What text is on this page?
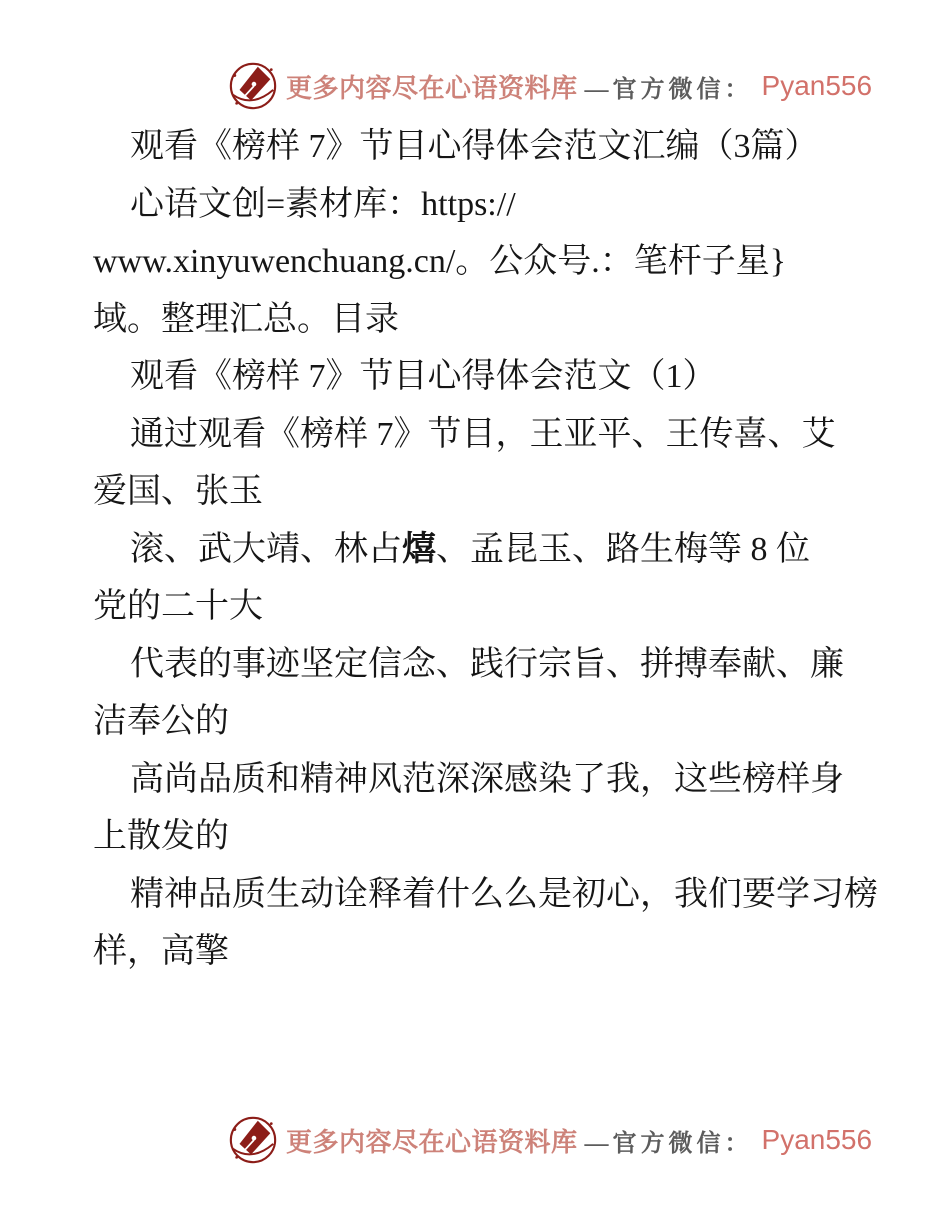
更多内容尽在心语资料库 —官方微信： Pyan556
观看《榜样 7》节目心得体会范文汇编（3篇）
心语文创=素材库：https://
www.xinyuwenchuang.cn/。公众号.：笔杆子星}
域。整理汇总。目录
观看《榜样 7》节目心得体会范文（1）
通过观看《榜样 7》节目，王亚平、王传喜、艾
爱国、张玉
滚、武大靖、林占熺、孟昆玉、路生梅等 8 位
党的二十大
代表的事迹坚定信念、践行宗旨、拼搏奉献、廉
洁奉公的
高尚品质和精神风范深深感染了我，这些榜样身
上散发的
精神品质生动诠释着什么么是初心，我们要学习榜
样，高擎
更多内容尽在心语资料库 —官方微信： Pyan556
